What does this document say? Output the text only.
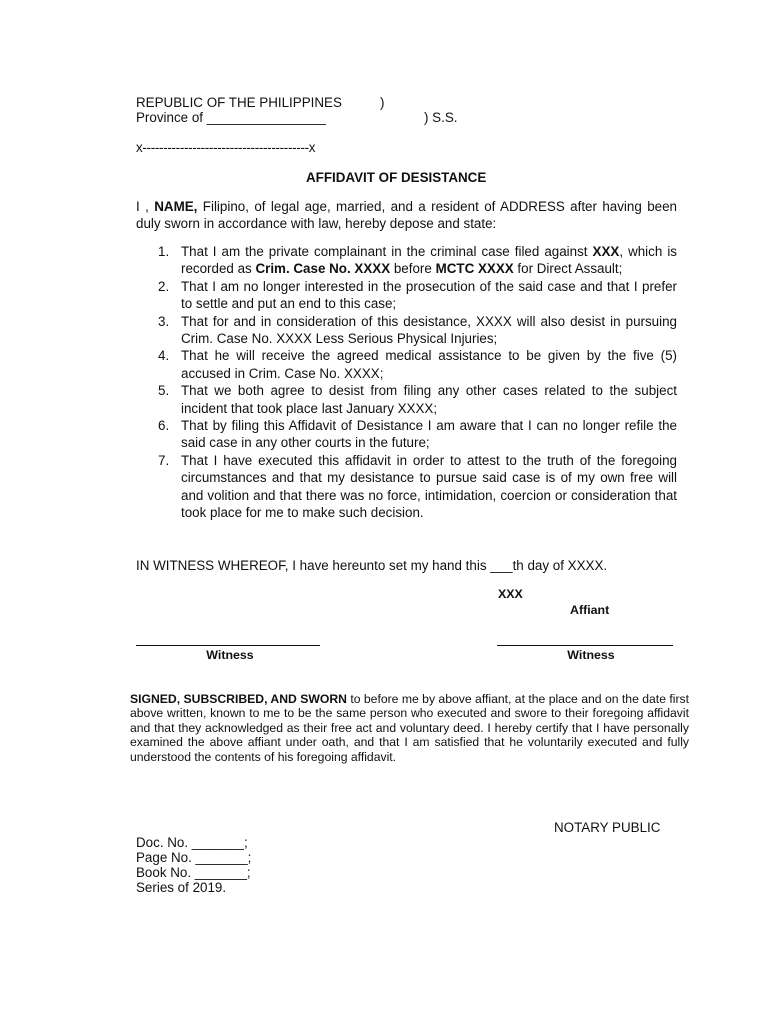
REPUBLIC OF THE PHILIPPINES	)
Province of ________________	) S.S.
x----------------------------------------x
AFFIDAVIT OF DESISTANCE
I , NAME, Filipino, of legal age, married, and a resident of ADDRESS after having been duly sworn in accordance with law, hereby depose and state:
1. That I am the private complainant in the criminal case filed against XXX, which is recorded as Crim. Case No. XXXX before MCTC XXXX for Direct Assault;
2. That I am no longer interested in the prosecution of the said case and that I prefer to settle and put an end to this case;
3. That for and in consideration of this desistance, XXXX will also desist in pursuing Crim. Case No. XXXX Less Serious Physical Injuries;
4. That he will receive the agreed medical assistance to be given by the five (5) accused in Crim. Case No. XXXX;
5. That we both agree to desist from filing any other cases related to the subject incident that took place last January XXXX;
6. That by filing this Affidavit of Desistance I am aware that I can no longer refile the said case in any other courts in the future;
7. That I have executed this affidavit in order to attest to the truth of the foregoing circumstances and that my desistance to pursue said case is of my own free will and volition and that there was no force, intimidation, coercion or consideration that took place for me to make such decision.
IN WITNESS WHEREOF, I have hereunto set my hand this ___th day of XXXX.
XXX
Affiant
Witness	Witness
SIGNED, SUBSCRIBED, AND SWORN to before me by above affiant, at the place and on the date first above written, known to me to be the same person who executed and swore to their foregoing affidavit and that they acknowledged as their free act and voluntary deed. I hereby certify that I have personally examined the above affiant under oath, and that I am satisfied that he voluntarily executed and fully understood the contents of his foregoing affidavit.
NOTARY PUBLIC
Doc. No. _______;
Page No. _______;
Book No. _______;
Series of 2019.
